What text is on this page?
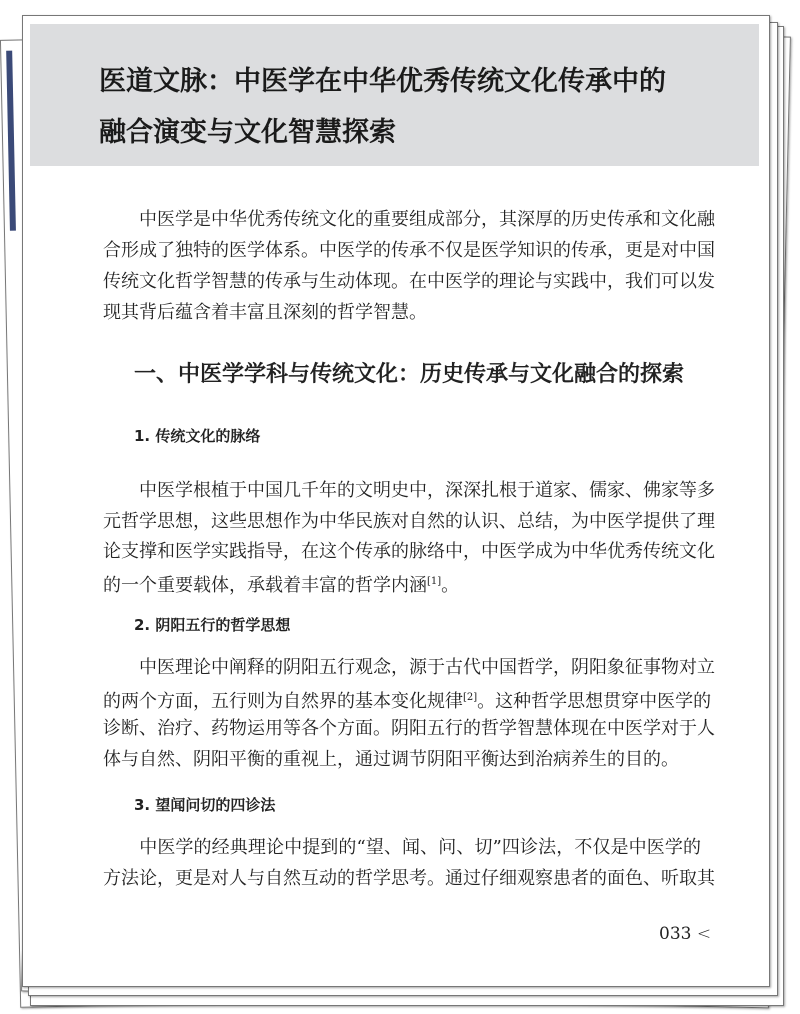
医道文脉：中医学在中华优秀传统文化传承中的
融合演变与文化智慧探索
　　中医学是中华优秀传统文化的重要组成部分，其深厚的历史传承和文化融
合形成了独特的医学体系。中医学的传承不仅是医学知识的传承，更是对中国
传统文化哲学智慧的传承与生动体现。在中医学的理论与实践中，我们可以发
现其背后蕴含着丰富且深刻的哲学智慧。
一、中医学学科与传统文化：历史传承与文化融合的探索
1. 传统文化的脉络
　　中医学根植于中国几千年的文明史中，深深扎根于道家、儒家、佛家等多
元哲学思想，这些思想作为中华民族对自然的认识、总结，为中医学提供了理
论支撑和医学实践指导，在这个传承的脉络中，中医学成为中华优秀传统文化
的一个重要载体，承载着丰富的哲学内涵[1]。
2. 阴阳五行的哲学思想
　　中医理论中阐释的阴阳五行观念，源于古代中国哲学，阴阳象征事物对立
的两个方面，五行则为自然界的基本变化规律[2]。这种哲学思想贯穿中医学的
诊断、治疗、药物运用等各个方面。阴阳五行的哲学智慧体现在中医学对于人
体与自然、阴阳平衡的重视上，通过调节阴阳平衡达到治病养生的目的。
3. 望闻问切的四诊法
　　中医学的经典理论中提到的“望、闻、问、切”四诊法，不仅是中医学的
方法论，更是对人与自然互动的哲学思考。通过仔细观察患者的面色、听取其
033 <
